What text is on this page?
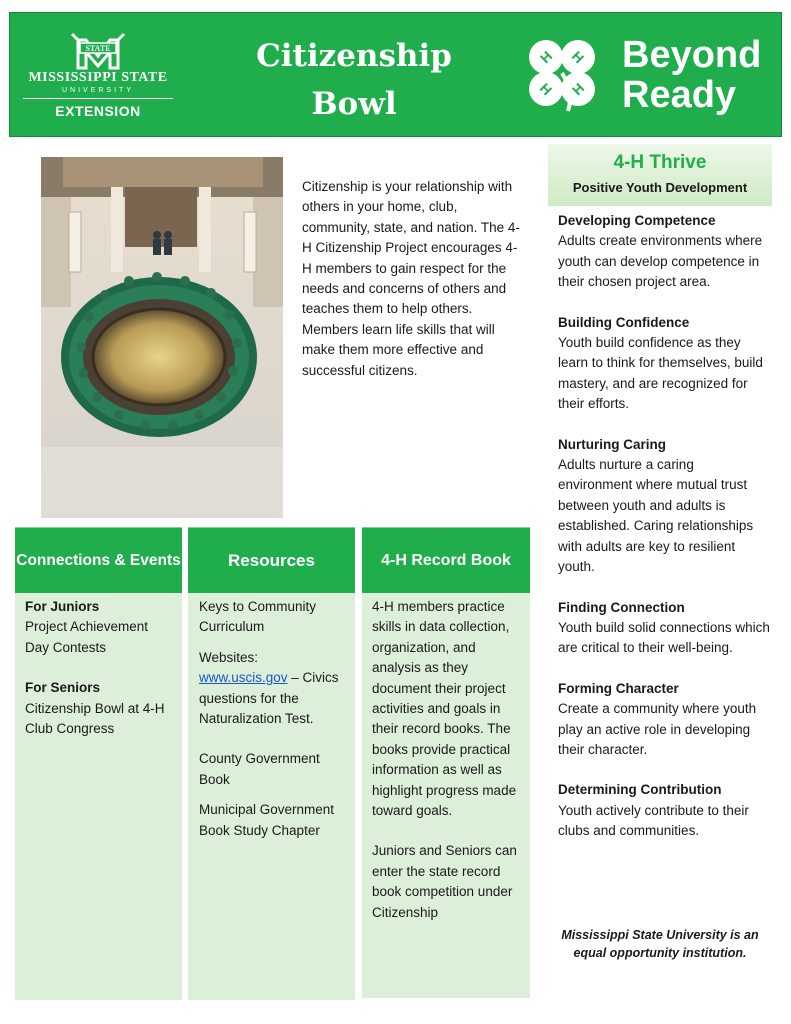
STATE
MISSISSIPPI STATE
UNIVERSITY
EXTENSION
Citizenship
Bowl
H H
H H
Beyond
Ready
Citizenship is your relationship with others in your home, club, community, state, and nation. The 4-H Citizenship Project encourages 4-H members to gain respect for the needs and concerns of others and teaches them to help others. Members learn life skills that will make them more effective and successful citizens.
4-H Thrive
Positive Youth Development
Developing Competence
Adults create environments where youth can develop competence in their chosen project area.
Building Confidence
Youth build confidence as they learn to think for themselves, build mastery, and are recognized for their efforts.
Nurturing Caring
Adults nurture a caring environment where mutual trust between youth and adults is established. Caring relationships with adults are key to resilient youth.
Finding Connection
Youth build solid connections which are critical to their well-being.
Forming Character
Create a community where youth play an active role in developing their character.
Determining Contribution
Youth actively contribute to their clubs and communities.
Mississippi State University is an equal opportunity institution.
Connections & Events
For Juniors
Project Achievement Day Contests
For Seniors
Citizenship Bowl at 4-H Club Congress
Resources
Keys to Community Curriculum
Websites:
www.uscis.gov – Civics questions for the Naturalization Test.
County Government Book
Municipal Government Book Study Chapter
4-H Record Book
4-H members practice skills in data collection, organization, and analysis as they document their project activities and goals in their record books. The books provide practical information as well as highlight progress made toward goals.
Juniors and Seniors can enter the state record book competition under Citizenship
